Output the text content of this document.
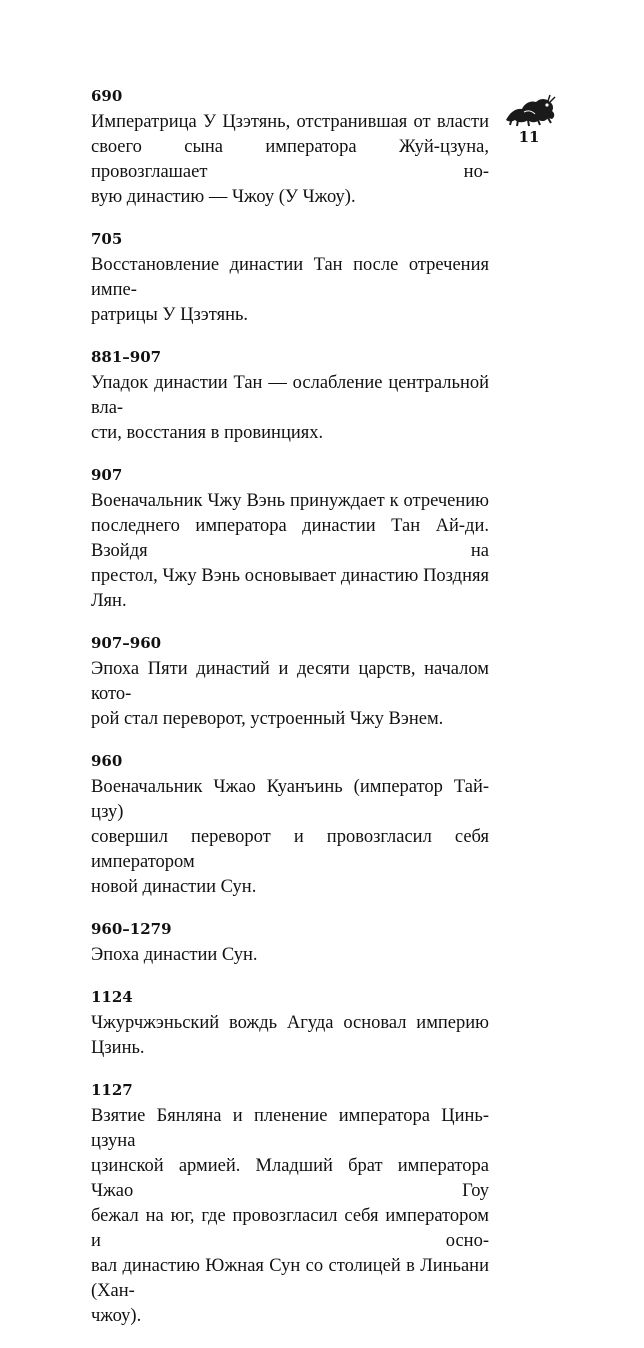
11
690

Императрица У Цзэтянь, отстранившая от власти
своего сына императора Жуй-цзуна, провозглашает но-
вую династию — Чжоу (У Чжоу).

705

Восстановление династии Тан после отречения импе-
ратрицы У Цзэтянь.

881–907

Упадок династии Тан — ослабление центральной вла-
сти, восстания в провинциях.

907

Военачальник Чжу Вэнь принуждает к отречению
последнего императора династии Тан Ай-ди. Взойдя на
престол, Чжу Вэнь основывает династию Поздняя Лян.

907–960

Эпоха Пяти династий и десяти царств, началом кото-
рой стал переворот, устроенный Чжу Вэнем.

960

Военачальник Чжао Куанъинь (император Тай-цзу)
совершил переворот и провозгласил себя императором
новой династии Сун.

960–1279

Эпоха династии Сун.

1124

Чжурчжэньский вождь Агуда основал империю
Цзинь.

1127

Взятие Бянляна и пленение императора Цинь-цзуна
цзинской армией. Младший брат императора Чжао Гоу
бежал на юг, где провозгласил себя императором и осно-
вал династию Южная Сун со столицей в Линьани (Хан-
чжоу).
